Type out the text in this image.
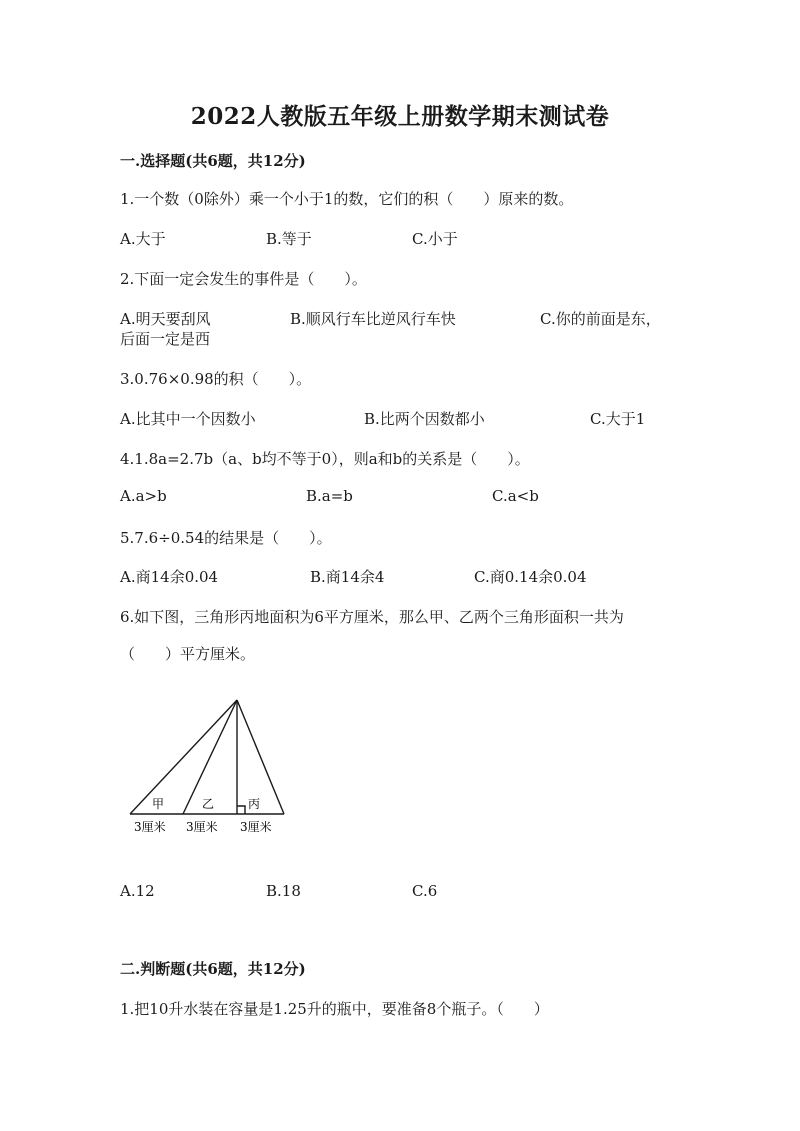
2022人教版五年级上册数学期末测试卷
一.选择题(共6题，共12分)
1.一个数（0除外）乘一个小于1的数，它们的积（　　）原来的数。
A.大于	B.等于	C.小于
2.下面一定会发生的事件是（　　）。
A.明天要刮风	B.顺风行车比逆风行车快	C.你的前面是东，
后面一定是西
3.0.76×0.98的积（　　）。
A.比其中一个因数小	B.比两个因数都小	C.大于1
4.1.8a=2.7b（a、b均不等于0），则a和b的关系是（　　）。
A.a>b	B.a=b	C.a<b
5.7.6÷0.54的结果是（　　）。
A.商14余0.04	B.商14余4	C.商0.14余0.04
6.如下图，三角形丙地面积为6平方厘米，那么甲、乙两个三角形面积一共为
（　　）平方厘米。
甲	乙	丙
3厘米 3厘米 3厘米
A.12	B.18	C.6
二.判断题(共6题，共12分)
1.把10升水装在容量是1.25升的瓶中，要准备8个瓶子。（　　）
